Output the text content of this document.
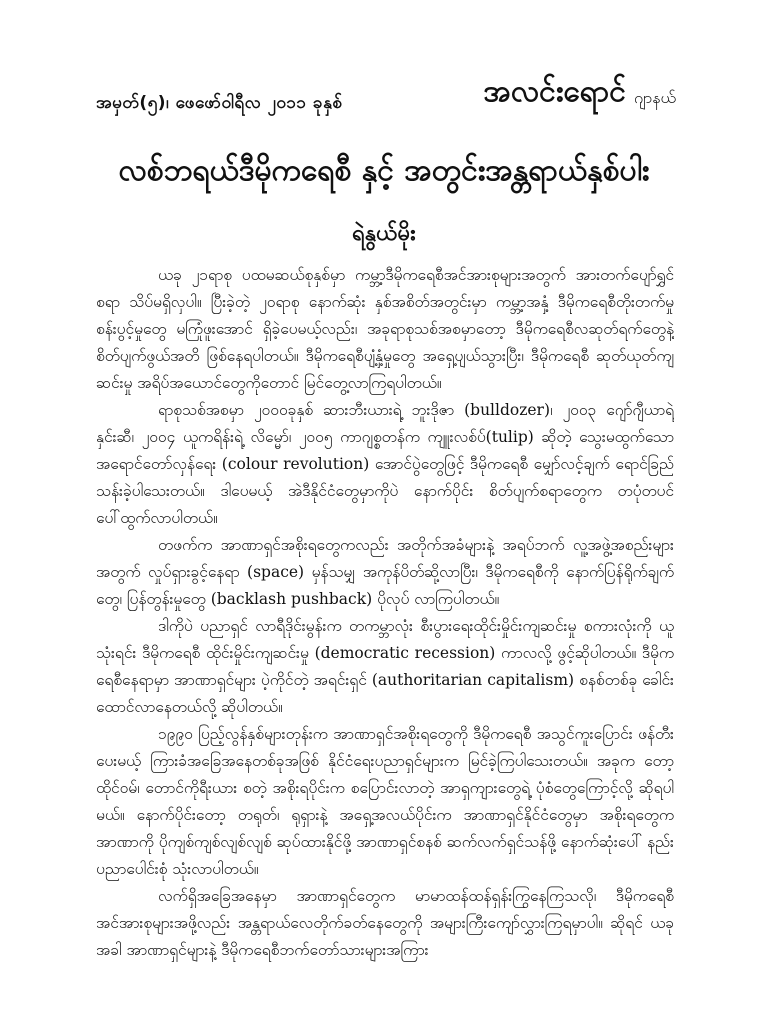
အမှတ်(၅)၊ ဖေဖော်ဝါရီလ ၂၀၁၁ ခုနှစ်	အလင်းရောင် ဂျာနယ်
လစ်ဘရယ်ဒီမိုကရေစီ နှင့် အတွင်းအန္တရာယ်နှစ်ပါး
ရဲနွယ်မိုး

ယခု ၂၁ရာစု ပထမဆယ်စုနှစ်မှာ ကမ္ဘာ့ဒီမိုကရေစီအင်အားစုများအတွက် အားတက်ပျော်ရွှင်စရာ သိပ်မရှိလှပါ။ ပြီးခဲ့တဲ့ ၂၀ရာစု နောက်ဆုံး နှစ်အစိတ်အတွင်းမှာ ကမ္ဘာ့အနှံ့ ဒီမိုကရေစီတိုးတက်မှု စန်းပွင့်မှုတွေ မကြုံဖူးအောင် ရှိခဲ့ပေမယ့်လည်း၊ အခုရာစုသစ်အစမှာတော့ ဒီမိုကရေစီလဆုတ်ရက်တွေနဲ့ စိတ်ပျက်ဖွယ်အတိ ဖြစ်နေရပါတယ်။ ဒီမိုကရေစီပျံ့နှံ့မှုတွေ အရှေ့ပျယ်သွားပြီး၊ ဒီမိုကရေစီ ဆုတ်ယုတ်ကျဆင်းမှု အရိပ်အယောင်တွေကိုတောင် မြင်တွေ့လာကြရပါတယ်။

ရာစုသစ်အစမှာ ၂၀၀၀ခုနှစ် ဆားဘီးယားရဲ့ ဘူးဒိုဇာ (bulldozer)၊ ၂၀၀၃ ဂျော်ဂျီယာရဲ့ နှင်းဆီ၊ ၂၀၀၄ ယူကရိန်းရဲ့ လိမ္မော်၊ ၂၀၀၅ ကာဂျစ္စတန်က ကျူးလစ်ပ်(tulip) ဆိုတဲ့ သွေးမထွက်သော အရောင်တော်လှန်ရေး (colour revolution) အောင်ပွဲတွေဖြင့် ဒီမိုကရေစီ မျှော်လင့်ချက် ရောင်ခြည်သန်းခဲ့ပါသေးတယ်။ ဒါပေမယ့် အဲဒီနိုင်ငံတွေမှာကိုပဲ နောက်ပိုင်း စိတ်ပျက်စရာတွေက တပုံတပင် ပေါ်ထွက်လာပါတယ်။

တဖက်က အာဏာရှင်အစိုးရတွေကလည်း အတိုက်အခံများနဲ့ အရပ်ဘက် လူ့အဖွဲ့အစည်းများအတွက် လှုပ်ရှားခွင့်နေရာ (space) မှန်သမျှ အကုန်ပိတ်ဆို့လာပြီး၊ ဒီမိုကရေစီကို နောက်ပြန်ရိုက်ချက်တွေ၊ ပြန်တွန်းမှုတွေ (backlash pushback) ပိုလုပ် လာကြပါတယ်။

ဒါကိုပဲ ပညာရှင် လာရီဒိုင်းမွန်းက တကမ္ဘာလုံး စီးပွားရေးထိုင်းမှိုင်းကျဆင်းမှု စကားလုံးကို ယူသုံးရင်း ဒီမိုကရေစီ ထိုင်းမှိုင်းကျဆင်းမှု (democratic recession) ကာလလို့ ဖွင့်ဆိုပါတယ်။ ဒီမိုကရေစီနေရာမှာ အာဏာရှင်များ ပဲ့ကိုင်တဲ့ အရင်းရှင် (authoritarian capitalism) စနစ်တစ်ခု ခေါင်းထောင်လာနေတယ်လို့ ဆိုပါတယ်။

၁၉၉၀ ပြည့်လွန်နှစ်များတုန်းက အာဏာရှင်အစိုးရတွေကို ဒီမိုကရေစီ အသွင်ကူးပြောင်း ဖန်တီးပေးမယ့် ကြားခံအခြေအနေတစ်ခုအဖြစ် နိုင်ငံရေးပညာရှင်များက မြင်ခဲ့ကြပါသေးတယ်။ အခုက တော့ ထိုင်ဝမ်၊ တောင်ကိုရီးယား စတဲ့ အစိုးရပိုင်းက စပြောင်းလာတဲ့ အာရှကျားတွေရဲ့ ပုံစံတွေကြောင့်လို့ ဆိုရပါမယ်။ နောက်ပိုင်းတော့ တရုတ်၊ ရုရှားနဲ့ အရှေ့အလယ်ပိုင်းက အာဏာရှင်နိုင်ငံတွေမှာ အစိုးရတွေက အာဏာကို ပိုကျစ်ကျစ်လျစ်လျစ် ဆုပ်ထားနိုင်ဖို့ အာဏာရှင်စနစ် ဆက်လက်ရှင်သန်ဖို့ နောက်ဆုံးပေါ် နည်းပညာပေါင်းစုံ သုံးလာပါတယ်။

လက်ရှိအခြေအနေမှာ အာဏာရှင်တွေက မာမာထန်ထန်ရှန်းကြွနေကြသလို၊ ဒီမိုကရေစီအင်အားစုများအဖို့လည်း အန္တရာယ်လေတိုက်ခတ်နေတွေကို အများကြီးကျော်လွှားကြရမှာပါ။ ဆိုရင် ယခုအခါ အာဏာရှင်များနဲ့ ဒီမိုကရေစီဘက်တော်သားများအကြား
